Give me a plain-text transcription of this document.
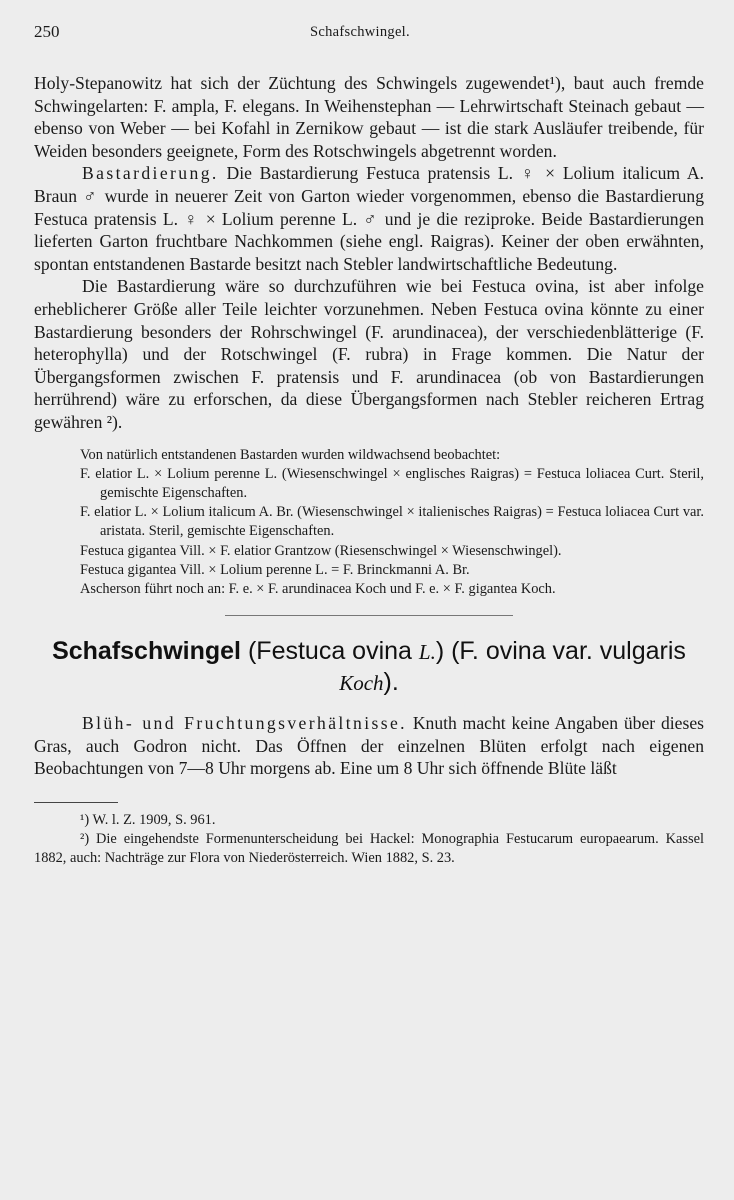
250	Schafschwingel.

Holy-Stepanowitz hat sich der Züchtung des Schwingels zugewendet¹), baut auch fremde Schwingelarten: F. ampla, F. elegans. In Weihenstephan — Lehrwirtschaft Steinach gebaut — ebenso von Weber — bei Kofahl in Zernikow gebaut — ist die stark Ausläufer treibende, für Weiden besonders geeignete, Form des Rotschwingels abgetrennt worden.

Bastardierung. Die Bastardierung Festuca pratensis L. ♀ × Lolium italicum A. Braun ♂ wurde in neuerer Zeit von Garton wieder vorgenommen, ebenso die Bastardierung Festuca pratensis L. ♀ × Lolium perenne L. ♂ und je die reziproke. Beide Bastardierungen lieferten Garton fruchtbare Nachkommen (siehe engl. Raigras). Keiner der oben erwähnten, spontan entstandenen Bastarde besitzt nach Stebler landwirtschaftliche Bedeutung.

Die Bastardierung wäre so durchzuführen wie bei Festuca ovina, ist aber infolge erheblicherer Größe aller Teile leichter vorzunehmen. Neben Festuca ovina könnte zu einer Bastardierung besonders der Rohrschwingel (F. arundinacea), der verschiedenblätterige (F. heterophylla) und der Rotschwingel (F. rubra) in Frage kommen. Die Natur der Übergangsformen zwischen F. pratensis und F. arundinacea (ob von Bastardierungen herrührend) wäre zu erforschen, da diese Übergangsformen nach Stebler reicheren Ertrag gewähren ²).

Von natürlich entstandenen Bastarden wurden wildwachsend beobachtet:

F. elatior L. × Lolium perenne L. (Wiesenschwingel × englisches Raigras) = Festuca loliacea Curt. Steril, gemischte Eigenschaften.

F. elatior L. × Lolium italicum A. Br. (Wiesenschwingel × italienisches Raigras) = Festuca loliacea Curt var. aristata. Steril, gemischte Eigenschaften.

Festuca gigantea Vill. × F. elatior Grantzow (Riesenschwingel × Wiesenschwingel).

Festuca gigantea Vill. × Lolium perenne L. = F. Brinckmanni A. Br.

Ascherson führt noch an: F. e. × F. arundinacea Koch und F. e. × F. gigantea Koch.

Schafschwingel (Festuca ovina L.) (F. ovina var. vulgaris Koch).

Blüh- und Fruchtungsverhältnisse. Knuth macht keine Angaben über dieses Gras, auch Godron nicht. Das Öffnen der einzelnen Blüten erfolgt nach eigenen Beobachtungen von 7—8 Uhr morgens ab. Eine um 8 Uhr sich öffnende Blüte läßt

¹) W. l. Z. 1909, S. 961.

²) Die eingehendste Formenunterscheidung bei Hackel: Monographia Festucarum europaearum. Kassel 1882, auch: Nachträge zur Flora von Niederösterreich. Wien 1882, S. 23.
